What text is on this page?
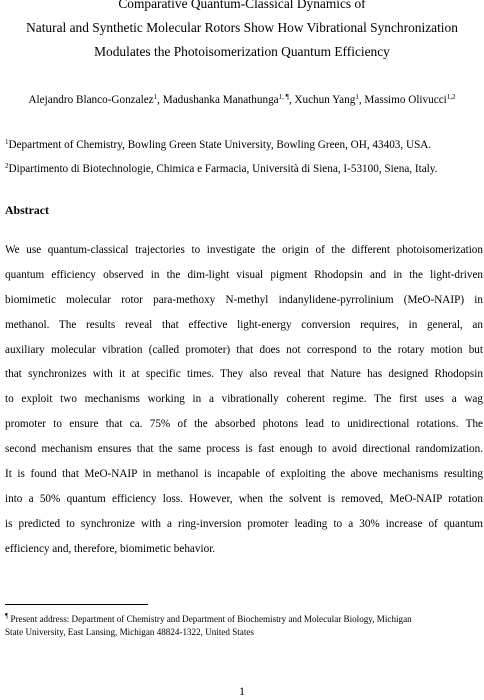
Comparative Quantum-Classical Dynamics of
Natural and Synthetic Molecular Rotors Show How Vibrational Synchronization
Modulates the Photoisomerization Quantum Efficiency
Alejandro Blanco-Gonzalez$^1$, Madushanka Manathunga$^{1, \P}$, Xuchun Yang$^1$, Massimo Olivucci$^{1,2}$
$^1$Department of Chemistry, Bowling Green State University, Bowling Green, OH, 43403, USA.
$^2$Dipartimento di Biotechnologie, Chimica e Farmacia, Università di Siena, I-53100, Siena, Italy.
Abstract
We use quantum-classical trajectories to investigate the origin of the different photoisomerization
quantum efficiency observed in the dim-light visual pigment Rhodopsin and in the light-driven
biomimetic molecular rotor para-methoxy N-methyl indanylidene-pyrrolinium (MeO-NAIP) in
methanol. The results reveal that effective light-energy conversion requires, in general, an
auxiliary molecular vibration (called promoter) that does not correspond to the rotary motion but
that synchronizes with it at specific times. They also reveal that Nature has designed Rhodopsin
to exploit two mechanisms working in a vibrationally coherent regime. The first uses a wag
promoter to ensure that ca. 75% of the absorbed photons lead to unidirectional rotations. The
second mechanism ensures that the same process is fast enough to avoid directional randomization.
It is found that MeO-NAIP in methanol is incapable of exploiting the above mechanisms resulting
into a 50% quantum efficiency loss. However, when the solvent is removed, MeO-NAIP rotation
is predicted to synchronize with a ring-inversion promoter leading to a 30% increase of quantum
efficiency and, therefore, biomimetic behavior.
¶ Present address: Department of Chemistry and Department of Biochemistry and Molecular Biology, Michigan
State University, East Lansing, Michigan 48824-1322, United States
1
